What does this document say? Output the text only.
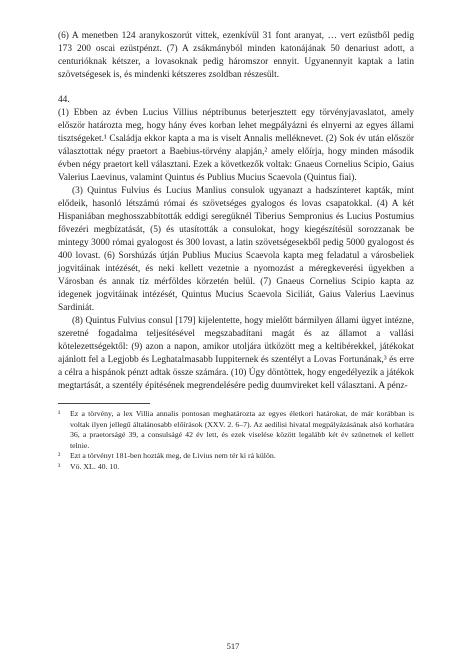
(6) A menetben 124 aranykoszorút vittek, ezenkívül 31 font aranyat, … vert ezüstből pedig 173 200 oscai ezüstpénzt. (7) A zsákmányból minden katonájának 50 denariust adott, a centurióknak kétszer, a lovasoknak pedig háromszor ennyit. Ugyanennyit kaptak a latin szövetségesek is, és mindenki kétszeres zsoldban részesült.

44.

(1) Ebben az évben Lucius Villius néptribunus beterjesztett egy törvényjavaslatot, amely először határozta meg, hogy hány éves korban lehet megpályázni és elnyerni az egyes állami tisztségeket.¹ Családja ekkor kapta a ma is viselt Annalis melléknevet. (2) Sok év után először választottak négy praetort a Baebius-törvény alapján,² amely előírja, hogy minden második évben négy praetort kell választani. Ezek a következők voltak: Gnaeus Cornelius Scipio, Gaius Valerius Laevinus, valamint Quintus és Publius Mucius Scaevola (Quintus fiai).

(3) Quintus Fulvius és Lucius Manlius consulok ugyanazt a hadszínteret kapták, mint elődeik, hasonló létszámú római és szövetséges gyalogos és lovas csapatokkal. (4) A két Hispaniában meghosszabbították eddigi seregüknél Tiberius Sempronius és Lucius Postumius fővezéri megbízatását, (5) és utasították a consulokat, hogy kiegészítésül sorozzanak be mintegy 3000 római gyalogost és 300 lovast, a latin szövetségesekből pedig 5000 gyalogost és 400 lovast. (6) Sorshúzás útján Publius Mucius Scaevola kapta meg feladatul a városbeliek jogvitáinak intézését, és neki kellett vezetnie a nyomozást a méregkeverési ügyekben a Városban és annak tíz mérföldes körzetén belül. (7) Gnaeus Cornelius Scipio kapta az idegenek jogvitáinak intézését, Quintus Mucius Scaevola Siciliát, Gaius Valerius Laevinus Sardiniát.

(8) Quintus Fulvius consul [179] kijelentette, hogy mielőtt bármilyen állami ügyet intézne, szeretné fogadalma teljesítésével megszabadítani magát és az államot a vallási kötelezettségektől: (9) azon a napon, amikor utoljára ütközött meg a keltibérekkel, játékokat ajánlott fel a Legjobb és Leghatalmasabb Iuppiternek és szentélyt a Lovas Fortunának,³ és erre a célra a hispánok pénzt adtak össze számára. (10) Úgy döntöttek, hogy engedélyezik a játékok megtartását, a szentély építésének megrendelésére pedig duumvireket kell választani. A pénz-

¹ Ez a törvény, a lex Villia annalis pontosan meghatározta az egyes életkori határokat, de már korábban is voltak ilyen jellegű általánosabb előírások (XXV. 2. 6–7). Az aedilisi hivatal megpályázásának alsó korhatára 36, a praetorságé 39, a consulságé 42 év lett, és ezek viselése között legalább két év szünetnek el kellett telnie.

² Ezt a törvényt 181-ben hozták meg, de Livius nem tér ki rá külön.

³ Vö. XL. 40. 10.

517
